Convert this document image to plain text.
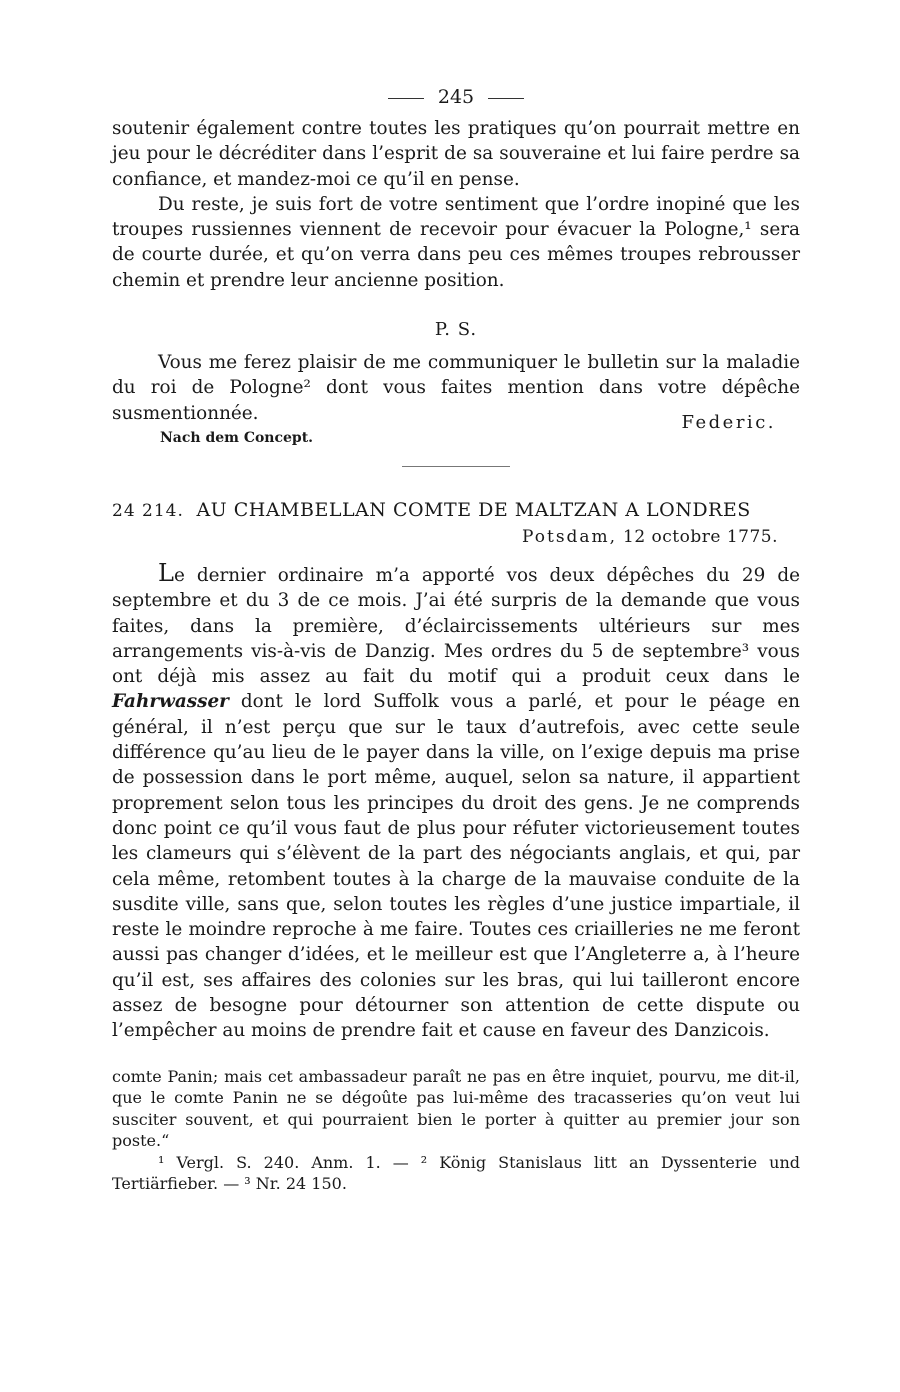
245

soutenir également contre toutes les pratiques qu’on pourrait mettre en jeu pour le décréditer dans l’esprit de sa souveraine et lui faire perdre sa confiance, et mandez-moi ce qu’il en pense.

Du reste, je suis fort de votre sentiment que l’ordre inopiné que les troupes russiennes viennent de recevoir pour évacuer la Pologne,¹ sera de courte durée, et qu’on verra dans peu ces mêmes troupes rebrousser chemin et prendre leur ancienne position.

P. S.

Vous me ferez plaisir de me communiquer le bulletin sur la maladie du roi de Pologne² dont vous faites mention dans votre dépêche susmentionnée.

Nach dem Concept.
Federic.
24 214. AU CHAMBELLAN COMTE DE MALTZAN A LONDRES
Potsdam, 12 octobre 1775.

Le dernier ordinaire m’a apporté vos deux dépêches du 29 de septembre et du 3 de ce mois. J’ai été surpris de la demande que vous faites, dans la première, d’éclaircissements ultérieurs sur mes arrangements vis-à-vis de Danzig. Mes ordres du 5 de septembre³ vous ont déjà mis assez au fait du motif qui a produit ceux dans le Fahrwasser dont le lord Suffolk vous a parlé, et pour le péage en général, il n’est perçu que sur le taux d’autrefois, avec cette seule différence qu’au lieu de le payer dans la ville, on l’exige depuis ma prise de possession dans le port même, auquel, selon sa nature, il appartient proprement selon tous les principes du droit des gens. Je ne comprends donc point ce qu’il vous faut de plus pour réfuter victorieusement toutes les clameurs qui s’élèvent de la part des négociants anglais, et qui, par cela même, retombent toutes à la charge de la mauvaise conduite de la susdite ville, sans que, selon toutes les règles d’une justice impartiale, il reste le moindre reproche à me faire. Toutes ces criailleries ne me feront aussi pas changer d’idées, et le meilleur est que l’Angleterre a, à l’heure qu’il est, ses affaires des colonies sur les bras, qui lui tailleront encore assez de besogne pour détourner son attention de cette dispute ou l’empêcher au moins de prendre fait et cause en faveur des Danzicois.

comte Panin; mais cet ambassadeur paraît ne pas en être inquiet, pourvu, me dit-il, que le comte Panin ne se dégoûte pas lui-même des tracasseries qu’on veut lui susciter souvent, et qui pourraient bien le porter à quitter au premier jour son poste.“

¹ Vergl. S. 240. Anm. 1. — ² König Stanislaus litt an Dyssenterie und Tertiärfieber. — ³ Nr. 24 150.
